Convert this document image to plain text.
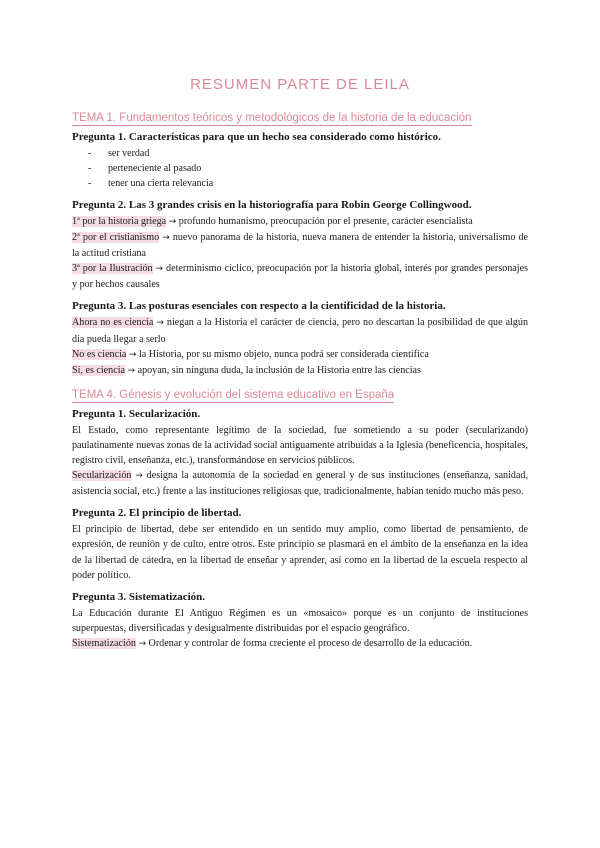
RESUMEN PARTE DE LEILA
TEMA 1. Fundamentos teóricos y metodológicos de la historia de la educación
Pregunta 1. Características para que un hecho sea considerado como histórico.
- ser verdad
- perteneciente al pasado
- tener una cierta relevancia
Pregunta 2. Las 3 grandes crisis en la historiografía para Robin George Collingwood.

1ª por la historia griega → profundo humanismo, preocupación por el presente, carácter esencialista

2ª por el cristianismo → nuevo panorama de la historia, nueva manera de entender la historia, universalismo de la actitud cristiana

3ª por la Ilustración → determinismo cíclico, preocupación por la historia global, interés por grandes personajes y por hechos causales

Pregunta 3. Las posturas esenciales con respecto a la cientificidad de la historia.

Ahora no es ciencia → niegan a la Historia el carácter de ciencia, pero no descartan la posibilidad de que algún día pueda llegar a serlo

No es ciencia → la Historia, por su mismo objeto, nunca podrá ser considerada científica

Sí, es ciencia → apoyan, sin ninguna duda, la inclusión de la Historia entre las ciencias

TEMA 4. Génesis y evolución del sistema educativo en España
Pregunta 1. Secularización.

El Estado, como representante legítimo de la sociedad, fue sometiendo a su poder (secularizando) paulatinamente nuevas zonas de la actividad social antiguamente atribuidas a la Iglesia (beneficencia, hospitales, registro civil, enseñanza, etc.), transformándose en servicios públicos.

Secularización → designa la autonomía de la sociedad en general y de sus instituciones (enseñanza, sanidad, asistencia social, etc.) frente a las instituciones religiosas que, tradicionalmente, habían tenido mucho más peso.

Pregunta 2. El principio de libertad.

El principio de libertad, debe ser entendido en un sentido muy amplio, como libertad de pensamiento, de expresión, de reunión y de culto, entre otros. Este principio se plasmará en el ámbito de la enseñanza en la idea de la libertad de cátedra, en la libertad de enseñar y aprender, así como en la libertad de la escuela respecto al poder político.

Pregunta 3. Sistematización.

La Educación durante El Antiguo Régimen es un «mosaico» porque es un conjunto de instituciones superpuestas, diversificadas y desigualmente distribuidas por el espacio geográfico.

Sistematización → Ordenar y controlar de forma creciente el proceso de desarrollo de la educación.
